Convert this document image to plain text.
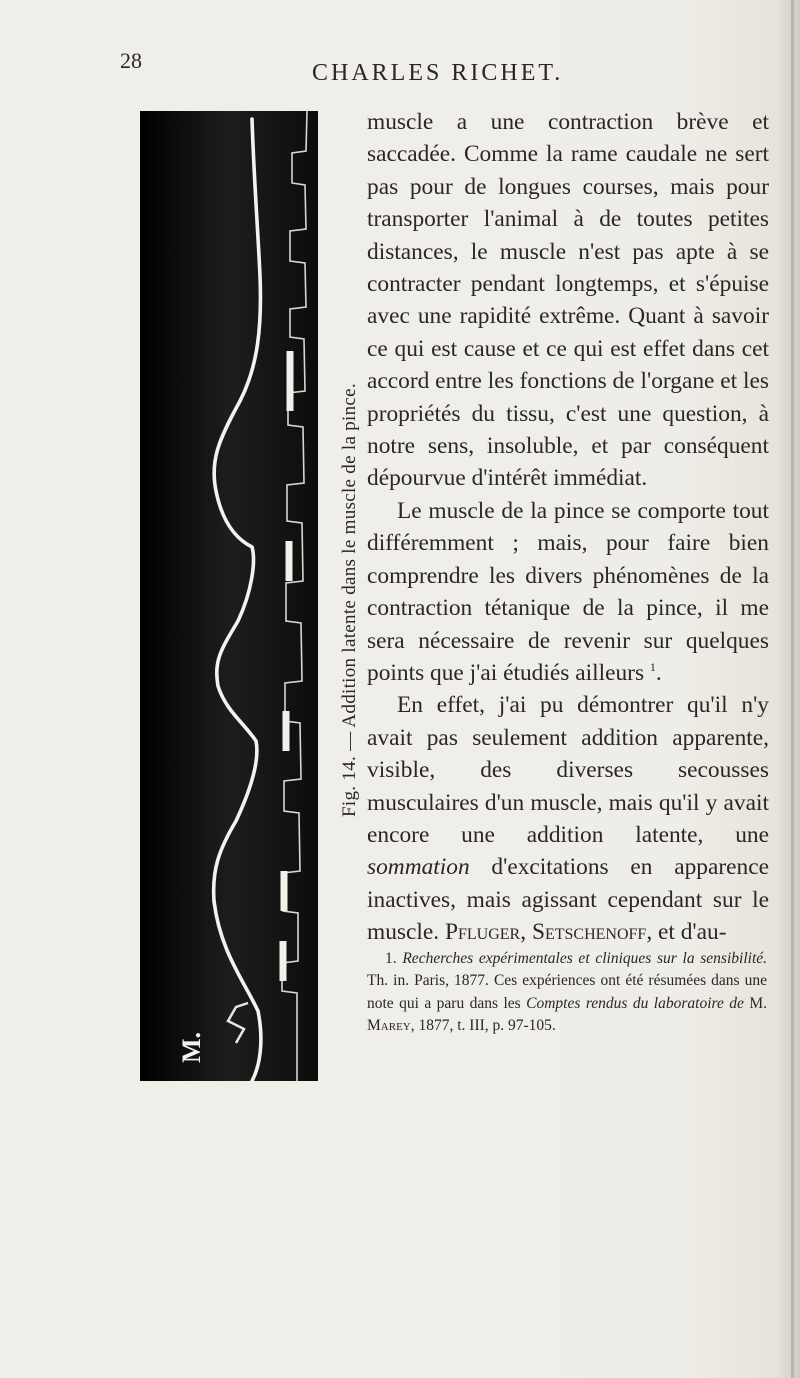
28	CHARLES RICHET.
M.
Fig. 14. — Addition latente dans le muscle de la pince.

muscle a une contraction brève et saccadée. Comme la rame caudale ne sert pas pour de longues courses, mais pour transporter l'animal à de toutes petites distances, le muscle n'est pas apte à se contracter pendant longtemps, et s'épuise avec une rapidité extrême. Quant à savoir ce qui est cause et ce qui est effet dans cet accord entre les fonctions de l'organe et les propriétés du tissu, c'est une question, à notre sens, insoluble, et par conséquent dépourvue d'intérêt immédiat.

Le muscle de la pince se comporte tout différemment ; mais, pour faire bien comprendre les divers phénomènes de la contraction tétanique de la pince, il me sera nécessaire de revenir sur quelques points que j'ai étudiés ailleurs $^1$.

En effet, j'ai pu démontrer qu'il n'y avait pas seulement addition apparente, visible, des diverses secousses musculaires d'un muscle, mais qu'il y avait encore une addition latente, une sommation d'excitations en apparence inactives, mais agissant cependant sur le muscle. Pfluger, Setschenoff, et d'au-

1. Recherches expérimentales et cliniques sur la sensibilité. Th. in. Paris, 1877. Ces expériences ont été résumées dans une note qui a paru dans les Comptes rendus du laboratoire de M. Marey, 1877, t. III, p. 97-105.
